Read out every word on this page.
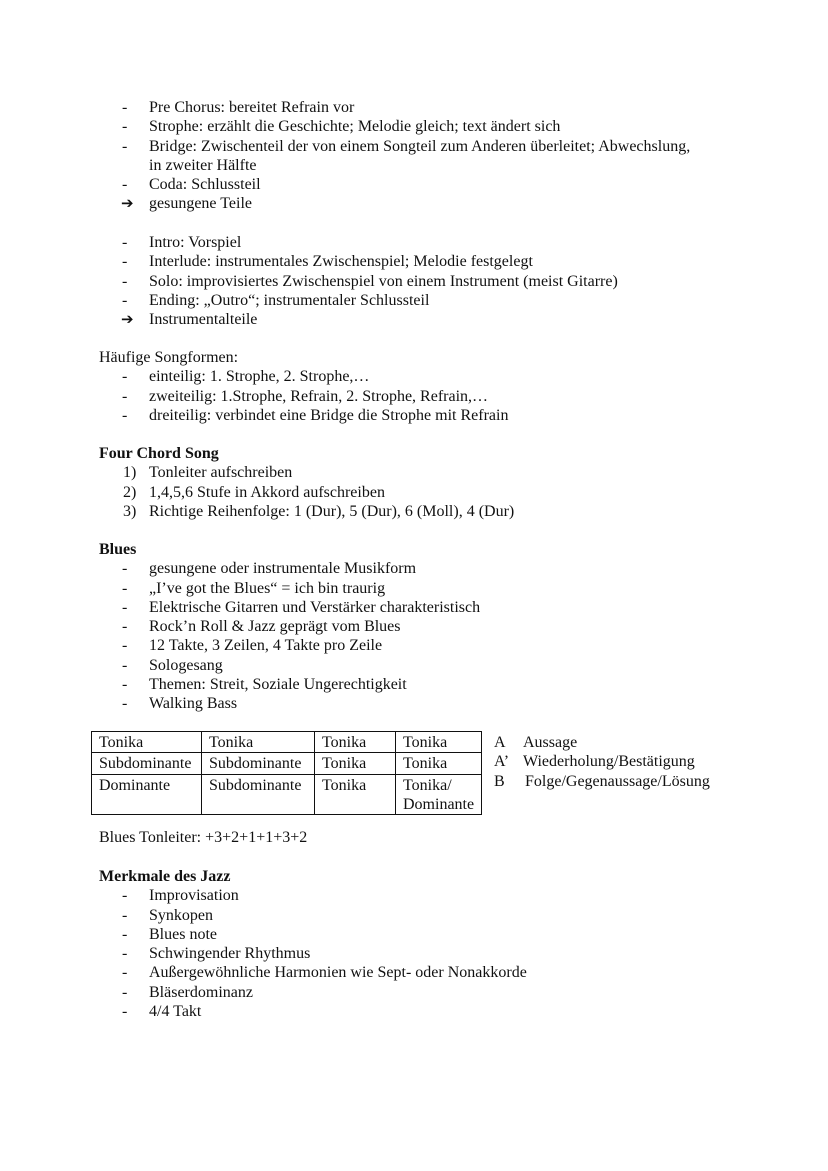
- Pre Chorus: bereitet Refrain vor
- Strophe: erzählt die Geschichte; Melodie gleich; text ändert sich
- Bridge: Zwischenteil der von einem Songteil zum Anderen überleitet; Abwechslung,
in zweiter Hälfte
- Coda: Schlussteil
➔ gesungene Teile
- Intro: Vorspiel
- Interlude: instrumentales Zwischenspiel; Melodie festgelegt
- Solo: improvisiertes Zwischenspiel von einem Instrument (meist Gitarre)
- Ending: „Outro“; instrumentaler Schlussteil
➔ Instrumentalteile
Häufige Songformen:
- einteilig: 1. Strophe, 2. Strophe,…
- zweiteilig: 1.Strophe, Refrain, 2. Strophe, Refrain,…
- dreiteilig: verbindet eine Bridge die Strophe mit Refrain
Four Chord Song
1) Tonleiter aufschreiben
2) 1,4,5,6 Stufe in Akkord aufschreiben
3) Richtige Reihenfolge: 1 (Dur), 5 (Dur), 6 (Moll), 4 (Dur)
Blues
- gesungene oder instrumentale Musikform
- „I’ve got the Blues“ = ich bin traurig
- Elektrische Gitarren und Verstärker charakteristisch
- Rock’n Roll & Jazz geprägt vom Blues
- 12 Takte, 3 Zeilen, 4 Takte pro Zeile
- Sologesang
- Themen: Streit, Soziale Ungerechtigkeit
- Walking Bass
Tonika	Tonika	Tonika	Tonika
Subdominante	Subdominante	Tonika	Tonika
Dominante	Subdominante	Tonika	Tonika/
Dominante
A Aussage
A’ Wiederholung/Bestätigung
B Folge/Gegenaussage/Lösung
Blues Tonleiter: +3+2+1+1+3+2
Merkmale des Jazz
- Improvisation
- Synkopen
- Blues note
- Schwingender Rhythmus
- Außergewöhnliche Harmonien wie Sept- oder Nonakkorde
- Bläserdominanz
- 4/4 Takt
